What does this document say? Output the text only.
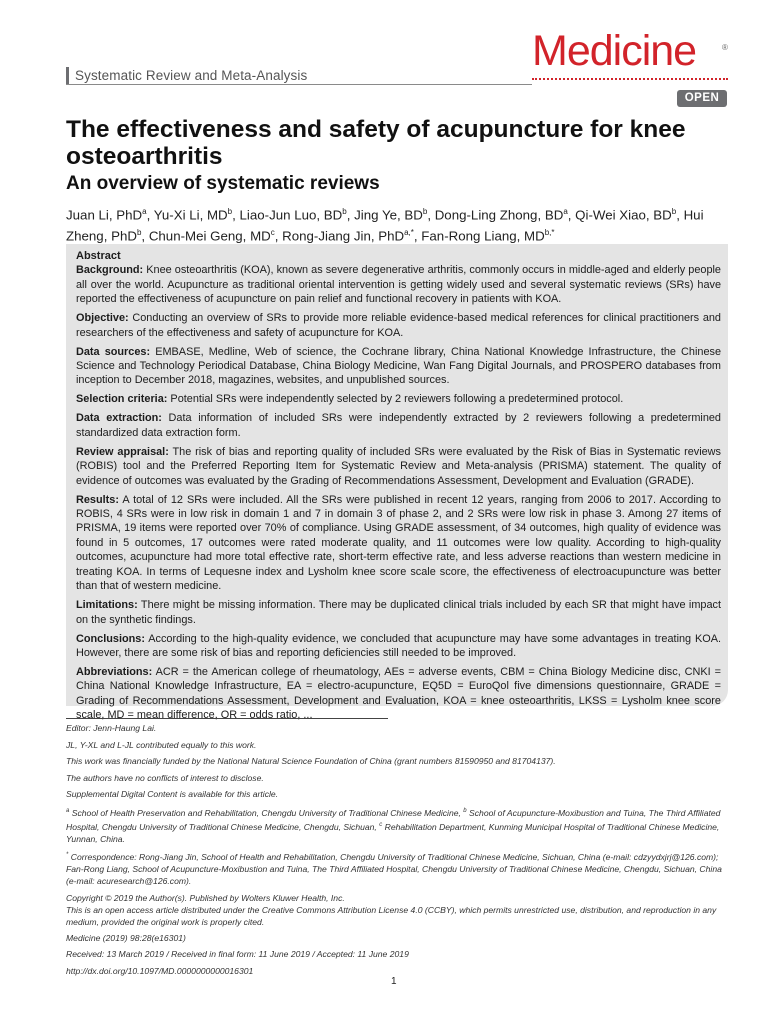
Systematic Review and Meta-Analysis	Medicine	®
OPEN
The effectiveness and safety of acupuncture for knee osteoarthritis
An overview of systematic reviews
Juan Li, PhD$^a$, Yu-Xi Li, $MD^b$, Liao-Jun Luo, $BD^b$, Jing Ye, $BD^b$, Dong-Ling Zhong, $BD^a$, Qi-Wei Xiao, $BD^b$, Hui Zheng, PhD$^b$, Chun-Mei Geng, $MD^c$, Rong-Jiang Jin, PhD$^{a,*}$, Fan-Rong Liang, $MD^{b,*}$
Abstract

Background: Knee osteoarthritis (KOA), known as severe degenerative arthritis, commonly occurs in middle-aged and elderly people all over the world. Acupuncture as traditional oriental intervention is getting widely used and several systematic reviews (SRs) have reported the effectiveness of acupuncture on pain relief and functional recovery in patients with KOA.

Objective: Conducting an overview of SRs to provide more reliable evidence-based medical references for clinical practitioners and researchers of the effectiveness and safety of acupuncture for KOA.

Data sources: EMBASE, Medline, Web of science, the Cochrane library, China National Knowledge Infrastructure, the Chinese Science and Technology Periodical Database, China Biology Medicine, Wan Fang Digital Journals, and PROSPERO databases from inception to December 2018, magazines, websites, and unpublished sources.

Selection criteria: Potential SRs were independently selected by 2 reviewers following a predetermined protocol.

Data extraction: Data information of included SRs were independently extracted by 2 reviewers following a predetermined standardized data extraction form.

Review appraisal: The risk of bias and reporting quality of included SRs were evaluated by the Risk of Bias in Systematic reviews (ROBIS) tool and the Preferred Reporting Item for Systematic Review and Meta-analysis (PRISMA) statement. The quality of evidence of outcomes was evaluated by the Grading of Recommendations Assessment, Development and Evaluation (GRADE).

Results: A total of 12 SRs were included. All the SRs were published in recent 12 years, ranging from 2006 to 2017. According to ROBIS, 4 SRs were in low risk in domain 1 and 7 in domain 3 of phase 2, and 2 SRs were low risk in phase 3. Among 27 items of PRISMA, 19 items were reported over 70% of compliance. Using GRADE assessment, of 34 outcomes, high quality of evidence was found in 5 outcomes, 17 outcomes were rated moderate quality, and 11 outcomes were low quality. According to high-quality outcomes, acupuncture had more total effective rate, short-term effective rate, and less adverse reactions than western medicine in treating KOA. In terms of Lequesne index and Lysholm knee score scale score, the effectiveness of electroacupuncture was better than that of western medicine.

Limitations: There might be missing information. There may be duplicated clinical trials included by each SR that might have impact on the synthetic findings.

Conclusions: According to the high-quality evidence, we concluded that acupuncture may have some advantages in treating KOA. However, there are some risk of bias and reporting deficiencies still needed to be improved.

Abbreviations: ACR = the American college of rheumatology, AEs = adverse events, CBM = China Biology Medicine disc, CNKI = China National Knowledge Infrastructure, EA = electro-acupuncture, EQ5D = EuroQol five dimensions questionnaire, GRADE = Grading of Recommendations Assessment, Development and Evaluation, KOA = knee osteoarthritis, LKSS = Lysholm knee score scale, MD = mean difference, OR = odds ratio, ...

Editor: Jenn-Haung Lai.

JL, Y-XL and L-JL contributed equally to this work.

This work was financially funded by the National Natural Science Foundation of China (grant numbers 81590950 and 81704137).

The authors have no conflicts of interest to disclose.

Supplemental Digital Content is available for this article.

$^a$ School of Health Preservation and Rehabilitation, Chengdu University of Traditional Chinese Medicine, $^b$ School of Acupuncture-Moxibustion and Tuina, The Third Affiliated Hospital, Chengdu University of Traditional Chinese Medicine, Chengdu, Sichuan, $^c$ Rehabilitation Department, Kunming Municipal Hospital of Traditional Chinese Medicine, Yunnan, China.

* Correspondence: Rong-Jiang Jin, School of Health and Rehabilitation, Chengdu University of Traditional Chinese Medicine, Sichuan, China (e-mail: cdzyydxjrj@126.com); Fan-Rong Liang, School of Acupuncture-Moxibustion and Tuina, The Third Affiliated Hospital, Chengdu University of Traditional Chinese Medicine, Chengdu, Sichuan, China (e-mail: acuresearch@126.com).

Copyright © 2019 the Author(s). Published by Wolters Kluwer Health, Inc.
This is an open access article distributed under the Creative Commons Attribution License 4.0 (CCBY), which permits unrestricted use, distribution, and reproduction in any medium, provided the original work is properly cited.

Medicine (2019) 98:28(e16301)

Received: 13 March 2019 / Received in final form: 11 June 2019 / Accepted: 11 June 2019

http://dx.doi.org/10.1097/MD.0000000000016301

1
